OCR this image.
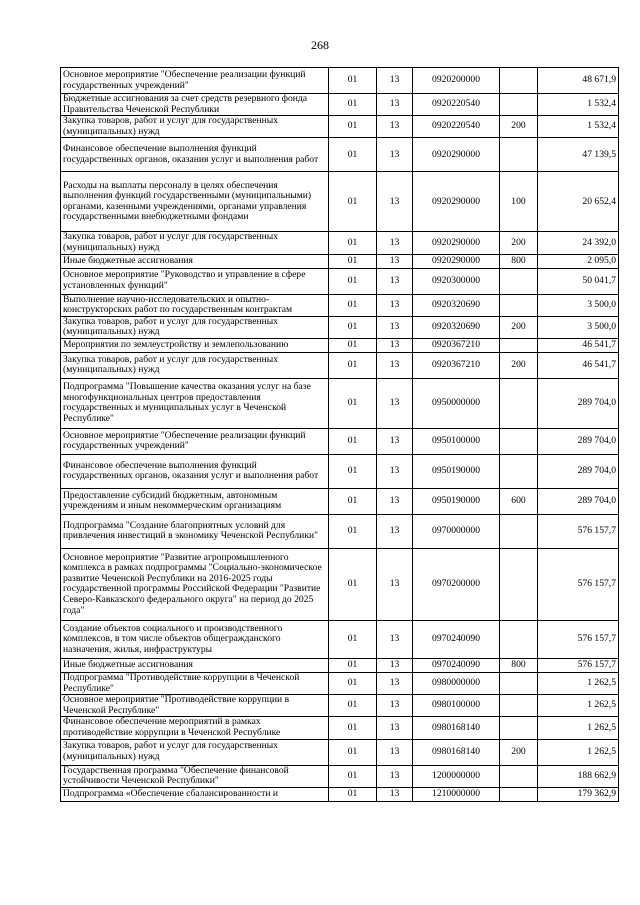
268
Основное мероприятие "Обеспечение реализации функций государственных учреждений"	01	13	0920200000		48 671,9
Бюджетные ассигнования за счет средств резервного фонда Правительства Чеченской Республики	01	13	0920220540		1 532,4
Закупка товаров, работ и услуг для государственных (муниципальных) нужд	01	13	0920220540	200	1 532,4
Финансовое обеспечение выполнения функций государственных органов, оказания услуг и выполнения работ	01	13	0920290000		47 139,5
Расходы на выплаты персоналу в целях обеспечения выполнения функций государственными (муниципальными) органами, казенными учреждениями, органами управления государственными внебюджетными фондами	01	13	0920290000	100	20 652,4
Закупка товаров, работ и услуг для государственных (муниципальных) нужд	01	13	0920290000	200	24 392,0
Иные бюджетные ассигнования	01	13	0920290000	800	2 095,0
Основное мероприятие "Руководство и управление в сфере установленных функций"	01	13	0920300000		50 041,7
Выполнение научно-исследовательских и опытно-конструкторских работ по государственным контрактам	01	13	0920320690		3 500,0
Закупка товаров, работ и услуг для государственных (муниципальных) нужд	01	13	0920320690	200	3 500,0
Мероприятия по землеустройству и землепользованию	01	13	0920367210		46 541,7
Закупка товаров, работ и услуг для государственных (муниципальных) нужд	01	13	0920367210	200	46 541,7
Подпрограмма "Повышение качества оказания услуг на базе многофункциональных центров предоставления государственных и муниципальных услуг в Чеченской Республике"	01	13	0950000000		289 704,0
Основное мероприятие "Обеспечение реализации функций государственных учреждений"	01	13	0950100000		289 704,0
Финансовое обеспечение выполнения функций государственных органов, оказания услуг и выполнения работ	01	13	0950190000		289 704,0
Предоставление субсидий бюджетным, автономным учреждениям и иным некоммерческим организациям	01	13	0950190000	600	289 704,0
Подпрограмма "Создание благоприятных условий для привлечения инвестиций в экономику Чеченской Республики"	01	13	0970000000		576 157,7
Основное мероприятие "Развитие агропромышленного комплекса в рамках подпрограммы "Социально-экономическое развитие Чеченской Республики на 2016-2025 годы государственной программы Российской Федерации "Развитие Северо-Кавказского федерального округа" на период до 2025 года"	01	13	0970200000		576 157,7
Создание объектов социального и производственного комплексов, в том числе объектов общегражданского назначения, жилья, инфраструктуры	01	13	0970240090		576 157,7
Иные бюджетные ассигнования	01	13	0970240090	800	576 157,7
Подпрограмма "Противодействие коррупции в Чеченской Республике"	01	13	0980000000		1 262,5
Основное мероприятие "Противодействие коррупции в Чеченской Республике"	01	13	0980100000		1 262,5
Финансовое обеспечение мероприятий в рамках противодействие коррупции в Чеченской Республике	01	13	0980168140		1 262,5
Закупка товаров, работ и услуг для государственных (муниципальных) нужд	01	13	0980168140	200	1 262,5
Государственная программа "Обеспечение финансовой устойчивости Чеченской Республики"	01	13	1200000000		188 662,9
Подпрограмма «Обеспечение сбалансированности и	01	13	1210000000		179 362,9
